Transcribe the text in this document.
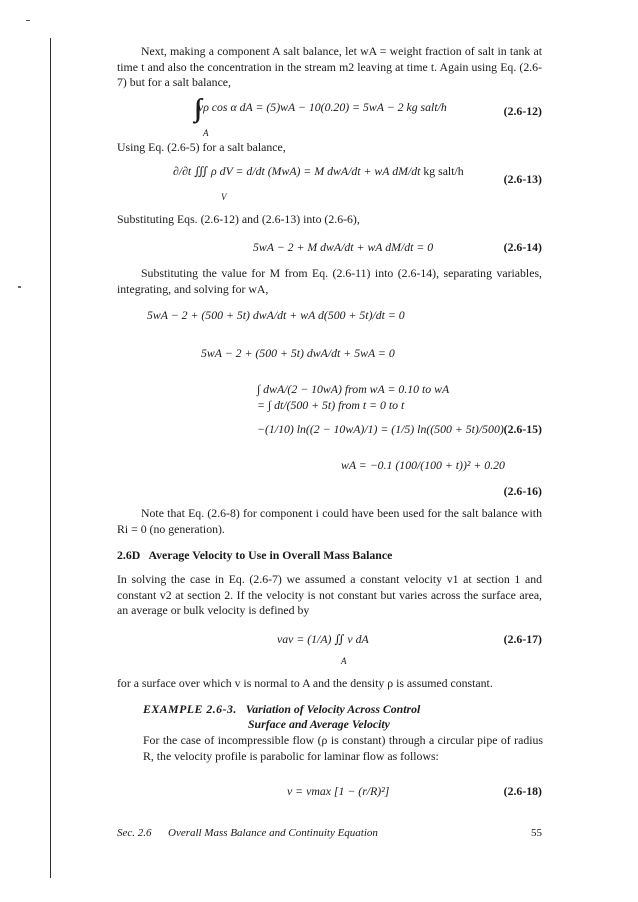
Next, making a component A salt balance, let wA = weight fraction of salt in tank at time t and also the concentration in the stream m2 leaving at time t. Again using Eq. (2.6-7) but for a salt balance,
vρ cos α dA = (5)wA − 10(0.20) = 5wA − 2 kg salt/h
A
(2.6-12)
Using Eq. (2.6-5) for a salt balance,
∂/∂t ∭ ρ dV = d/dt (MwA) = M dwA/dt + wA dM/dt kg salt/h
V
(2.6-13)
Substituting Eqs. (2.6-12) and (2.6-13) into (2.6-6),
5wA − 2 + M dwA/dt + wA dM/dt = 0	(2.6-14)
Substituting the value for M from Eq. (2.6-11) into (2.6-14), separating variables, integrating, and solving for wA,
5wA − 2 + (500 + 5t) dwA/dt + wA d(500 + 5t)/dt = 0
5wA − 2 + (500 + 5t) dwA/dt + 5wA = 0
∫ dwA/(2 − 10wA) from wA = 0.10 to wA
= ∫ dt/(500 + 5t) from t = 0 to t
−(1/10) ln((2 − 10wA)/1) = (1/5) ln((500 + 5t)/500) (2.6-15)
wA = −0.1 (100/(100 + t))² + 0.20
(2.6-16)
Note that Eq. (2.6-8) for component i could have been used for the salt balance with Ri = 0 (no generation).
2.6D Average Velocity to Use in Overall Mass Balance
In solving the case in Eq. (2.6-7) we assumed a constant velocity v1 at section 1 and constant v2 at section 2. If the velocity is not constant but varies across the surface area, an average or bulk velocity is defined by
vav = (1/A) ∬ v dA
A
(2.6-17)
for a surface over which v is normal to A and the density ρ is assumed constant.
EXAMPLE 2.6-3. Variation of Velocity Across Control
Surface and Average Velocity
For the case of incompressible flow (ρ is constant) through a circular pipe of radius R, the velocity profile is parabolic for laminar flow as follows:
v = vmax [1 − (r/R)²]	(2.6-18)
Sec. 2.6 Overall Mass Balance and Continuity Equation	55
